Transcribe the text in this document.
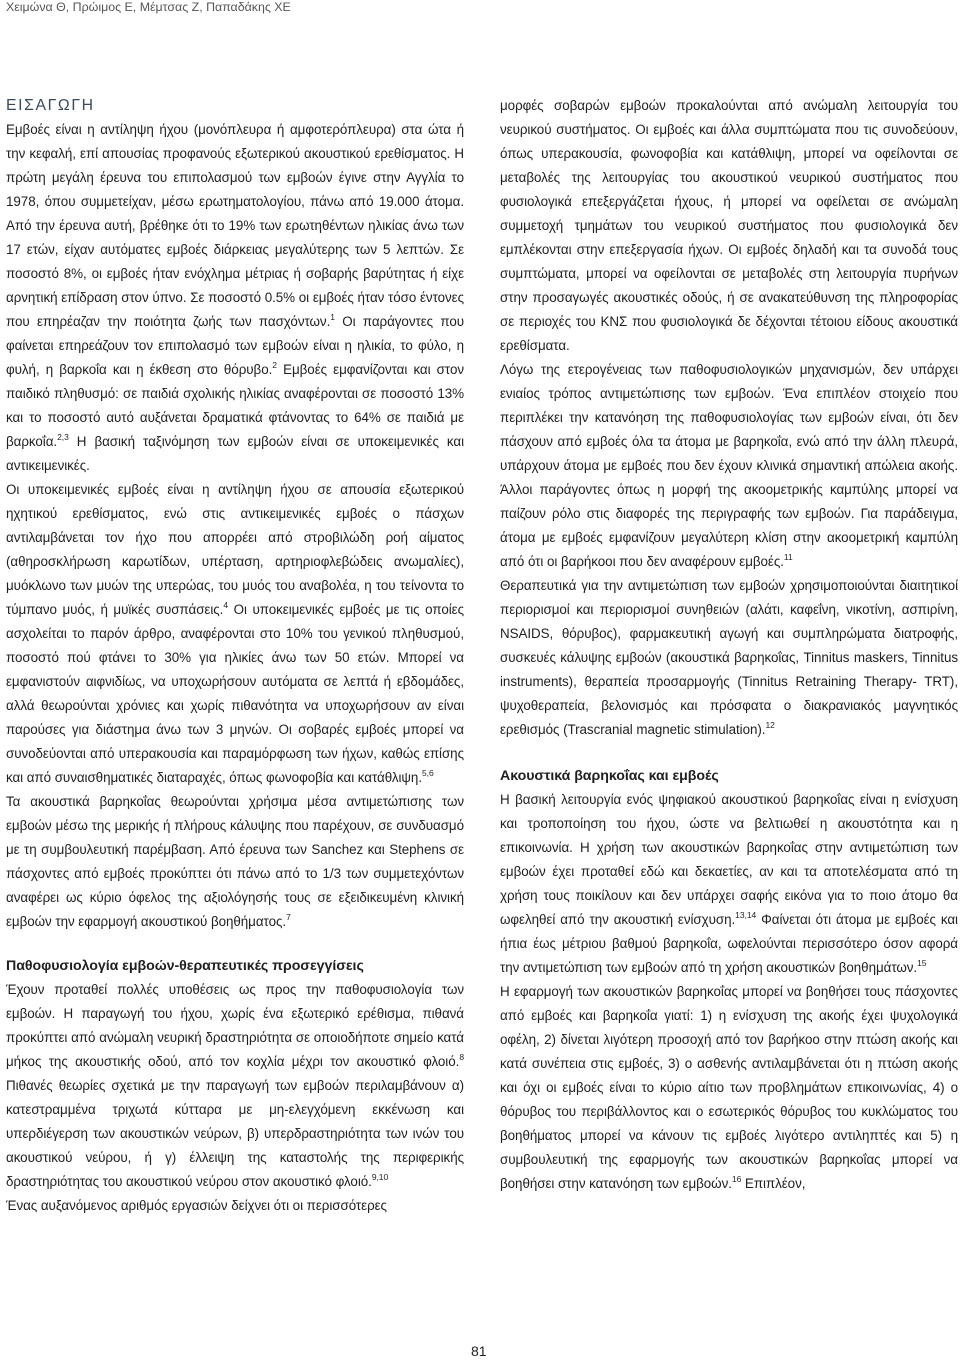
Χειμώνα Θ, Πρώιμος Ε, Μέμτσας Ζ, Παπαδάκης ΧΕ
ΕΙΣΑΓΩΓΗ

Εμβοές είναι η αντίληψη ήχου (μονόπλευρα ή αμφοτερόπλευρα) στα ώτα ή την κεφαλή, επί απουσίας προφανούς εξωτερικού ακουστικού ερεθίσματος. Η πρώτη μεγάλη έρευνα του επιπολασμού των εμβοών έγινε στην Αγγλία το 1978, όπου συμμετείχαν, μέσω ερωτηματολογίου, πάνω από 19.000 άτομα. Από την έρευνα αυτή, βρέθηκε ότι το 19% των ερωτηθέντων ηλικίας άνω των 17 ετών, είχαν αυτόματες εμβοές διάρκειας μεγαλύτερης των 5 λεπτών. Σε ποσοστό 8%, οι εμβοές ήταν ενόχλημα μέτριας ή σοβαρής βαρύτητας ή είχε αρνητική επίδραση στον ύπνο. Σε ποσοστό 0.5% οι εμβοές ήταν τόσο έντονες που επηρέαζαν την ποιότητα ζωής των πασχόντων.$^1$ Οι παράγοντες που φαίνεται επηρεάζουν τον επιπολασμό των εμβοών είναι η ηλικία, το φύλο, η φυλή, η βαρκοΐα και η έκθεση στο θόρυβο.$^2$ Εμβοές εμφανίζονται και στον παιδικό πληθυσμό: σε παιδιά σχολικής ηλικίας αναφέρονται σε ποσοστό 13% και το ποσοστό αυτό αυξάνεται δραματικά φτάνοντας το 64% σε παιδιά με βαρκοΐα.$^{2,3}$ Η βασική ταξινόμηση των εμβοών είναι σε υποκειμενικές και αντικειμενικές.

Οι υποκειμενικές εμβοές είναι η αντίληψη ήχου σε απουσία εξωτερικού ηχητικού ερεθίσματος, ενώ στις αντικειμενικές εμβοές ο πάσχων αντιλαμβάνεται τον ήχο που απορρέει από στροβιλώδη ροή αίματος (αθηροσκλήρωση καρωτίδων, υπέρταση, αρτηριοφλεβώδεις ανωμαλίες), μυόκλωνο των μυών της υπερώας, του μυός του αναβολέα, η του τείνοντα το τύμπανο μυός, ή μυϊκές συσπάσεις.$^4$ Οι υποκειμενικές εμβοές με τις οποίες ασχολείται το παρόν άρθρο, αναφέρονται στο 10% του γενικού πληθυσμού, ποσοστό πού φτάνει το 30% για ηλικίες άνω των 50 ετών. Μπορεί να εμφανιστούν αιφνιδίως, να υποχωρήσουν αυτόματα σε λεπτά ή εβδομάδες, αλλά θεωρούνται χρόνιες και χωρίς πιθανότητα να υποχωρήσουν αν είναι παρούσες για διάστημα άνω των 3 μηνών. Οι σοβαρές εμβοές μπορεί να συνοδεύονται από υπερακουσία και παραμόρφωση των ήχων, καθώς επίσης και από συναισθηματικές διαταραχές, όπως φωνοφοβία και κατάθλιψη.$^{5,6}$

Τα ακουστικά βαρηκοΐας θεωρούνται χρήσιμα μέσα αντιμετώπισης των εμβοών μέσω της μερικής ή πλήρους κάλυψης που παρέχουν, σε συνδυασμό με τη συμβουλευτική παρέμβαση. Από έρευνα των Sanchez και Stephens σε πάσχοντες από εμβοές προκύπτει ότι πάνω από το 1/3 των συμμετεχόντων αναφέρει ως κύριο όφελος της αξιολόγησής τους σε εξειδικευμένη κλινική εμβοών την εφαρμογή ακουστικού βοηθήματος.$^7$

Παθοφυσιολογία εμβοών-θεραπευτικές προσεγγίσεις

Έχουν προταθεί πολλές υποθέσεις ως προς την παθοφυσιολογία των εμβοών. Η παραγωγή του ήχου, χωρίς ένα εξωτερικό ερέθισμα, πιθανά προκύπτει από ανώμαλη νευρική δραστηριότητα σε οποιοδήποτε σημείο κατά μήκος της ακουστικής οδού, από τον κοχλία μέχρι τον ακουστικό φλοιό.$^8$ Πιθανές θεωρίες σχετικά με την παραγωγή των εμβοών περιλαμβάνουν α) κατεστραμμένα τριχωτά κύτταρα με μη-ελεγχόμενη εκκένωση και υπερδιέγερση των ακουστικών νεύρων, β) υπερδραστηριότητα των ινών του ακουστικού νεύρου, ή γ) έλλειψη της καταστολής της περιφερικής δραστηριότητας του ακουστικού νεύρου στον ακουστικό φλοιό.$^{9,10}$

Ένας αυξανόμενος αριθμός εργασιών δείχνει ότι οι περισσότερες

μορφές σοβαρών εμβοών προκαλούνται από ανώμαλη λειτουργία του νευρικού συστήματος. Οι εμβοές και άλλα συμπτώματα που τις συνοδεύουν, όπως υπερακουσία, φωνοφοβία και κατάθλιψη, μπορεί να οφείλονται σε μεταβολές της λειτουργίας του ακουστικού νευρικού συστήματος που φυσιολογικά επεξεργάζεται ήχους, ή μπορεί να οφείλεται σε ανώμαλη συμμετοχή τμημάτων του νευρικού συστήματος που φυσιολογικά δεν εμπλέκονται στην επεξεργασία ήχων. Οι εμβοές δηλαδή και τα συνοδά τους συμπτώματα, μπορεί να οφείλονται σε μεταβολές στη λειτουργία πυρήνων στην προσαγωγές ακουστικές οδούς, ή σε ανακατεύθυνση της πληροφορίας σε περιοχές του ΚΝΣ που φυσιολογικά δε δέχονται τέτοιου είδους ακουστικά ερεθίσματα.

Λόγω της ετερογένειας των παθοφυσιολογικών μηχανισμών, δεν υπάρχει ενιαίος τρόπος αντιμετώπισης των εμβοών. Ένα επιπλέον στοιχείο που περιπλέκει την κατανόηση της παθοφυσιολογίας των εμβοών είναι, ότι δεν πάσχουν από εμβοές όλα τα άτομα με βαρηκοΐα, ενώ από την άλλη πλευρά, υπάρχουν άτομα με εμβοές που δεν έχουν κλινικά σημαντική απώλεια ακοής. Άλλοι παράγοντες όπως η μορφή της ακοομετρικής καμπύλης μπορεί να παίζουν ρόλο στις διαφορές της περιγραφής των εμβοών. Για παράδειγμα, άτομα με εμβοές εμφανίζουν μεγαλύτερη κλίση στην ακοομετρική καμπύλη από ότι οι βαρήκοοι που δεν αναφέρουν εμβοές.$^{11}$

Θεραπευτικά για την αντιμετώπιση των εμβοών χρησιμοποιούνται διαιτητικοί περιορισμοί και περιορισμοί συνηθειών (αλάτι, καφεΐνη, νικοτίνη, ασπιρίνη, NSAIDS, θόρυβος), φαρμακευτική αγωγή και συμπληρώματα διατροφής, συσκευές κάλυψης εμβοών (ακουστικά βαρηκοΐας, Tinnitus maskers, Tinnitus instruments), θεραπεία προσαρμογής (Tinnitus Retraining Therapy- TRT), ψυχοθεραπεία, βελονισμός και πρόσφατα ο διακρανιακός μαγνητικός ερεθισμός (Trascranial magnetic stimulation).$^{12}$

Ακουστικά βαρηκοΐας και εμβοές

Η βασική λειτουργία ενός ψηφιακού ακουστικού βαρηκοΐας είναι η ενίσχυση και τροποποίηση του ήχου, ώστε να βελτιωθεί η ακουστότητα και η επικοινωνία. Η χρήση των ακουστικών βαρηκοΐας στην αντιμετώπιση των εμβοών έχει προταθεί εδώ και δεκαετίες, αν και τα αποτελέσματα από τη χρήση τους ποικίλουν και δεν υπάρχει σαφής εικόνα για το ποιο άτομο θα ωφεληθεί από την ακουστική ενίσχυση.$^{13,14}$ Φαίνεται ότι άτομα με εμβοές και ήπια έως μέτριου βαθμού βαρηκοΐα, ωφελούνται περισσότερο όσον αφορά την αντιμετώπιση των εμβοών από τη χρήση ακουστικών βοηθημάτων.$^{15}$

Η εφαρμογή των ακουστικών βαρηκοΐας μπορεί να βοηθήσει τους πάσχοντες από εμβοές και βαρηκοΐα γιατί: 1) η ενίσχυση της ακοής έχει ψυχολογικά οφέλη, 2) δίνεται λιγότερη προσοχή από τον βαρήκοο στην πτώση ακοής και κατά συνέπεια στις εμβοές, 3) ο ασθενής αντιλαμβάνεται ότι η πτώση ακοής και όχι οι εμβοές είναι το κύριο αίτιο των προβλημάτων επικοινωνίας, 4) ο θόρυβος του περιβάλλοντος και ο εσωτερικός θόρυβος του κυκλώματος του βοηθήματος μπορεί να κάνουν τις εμβοές λιγότερο αντιληπτές και 5) η συμβουλευτική της εφαρμογής των ακουστικών βαρηκοΐας μπορεί να βοηθήσει στην κατανόηση των εμβοών.$^{16}$ Επιπλέον,

81
